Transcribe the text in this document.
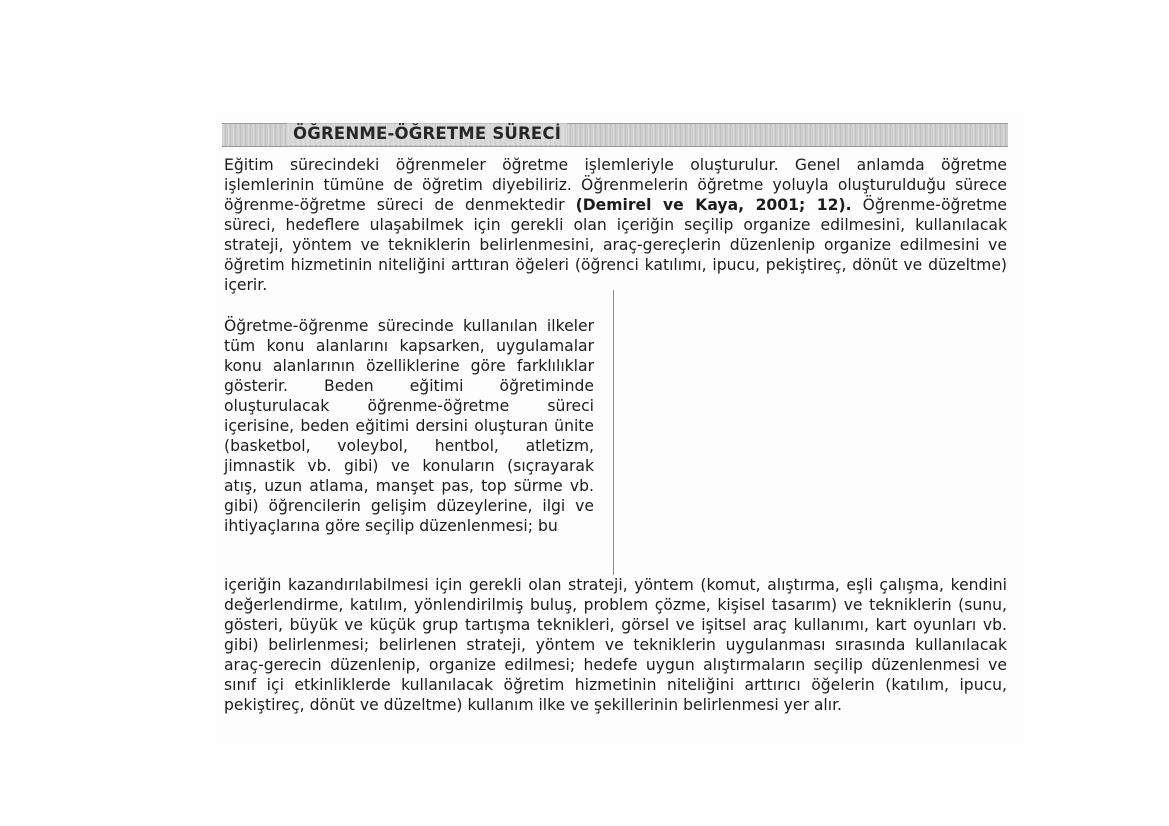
ÖĞRENME-ÖĞRETME SÜRECİ

Eğitim sürecindeki öğrenmeler öğretme işlemleriyle oluşturulur. Genel anlamda öğretme işlemlerinin tümüne de öğretim diyebiliriz. Öğrenmelerin öğretme yoluyla oluşturulduğu sürece öğrenme-öğretme süreci de denmektedir (Demirel ve Kaya, 2001; 12). Öğrenme-öğretme süreci, hedeflere ulaşabilmek için gerekli olan içeriğin seçilip organize edilmesini, kullanılacak strateji, yöntem ve tekniklerin belirlenmesini, araç-gereçlerin düzenlenip organize edilmesini ve öğretim hizmetinin niteliğini arttıran öğeleri (öğrenci katılımı, ipucu, pekiştireç, dönüt ve düzeltme) içerir.

Öğretme-öğrenme sürecinde kullanılan ilkeler tüm konu alanlarını kapsarken, uygulamalar konu alanlarının özelliklerine göre farklılıklar gösterir. Beden eğitimi öğretiminde oluşturulacak öğrenme-öğretme süreci içerisine, beden eğitimi dersini oluşturan ünite (basketbol, voleybol, hentbol, atletizm, jimnastik vb. gibi) ve konuların (sıçrayarak atış, uzun atlama, manşet pas, top sürme vb. gibi) öğrencilerin gelişim düzeylerine, ilgi ve ihtiyaçlarına göre seçilip düzenlenmesi; bu

içeriğin kazandırılabilmesi için gerekli olan strateji, yöntem (komut, alıştırma, eşli çalışma, kendini değerlendirme, katılım, yönlendirilmiş buluş, problem çözme, kişisel tasarım) ve tekniklerin (sunu, gösteri, büyük ve küçük grup tartışma teknikleri, görsel ve işitsel araç kullanımı, kart oyunları vb. gibi) belirlenmesi; belirlenen strateji, yöntem ve tekniklerin uygulanması sırasında kullanılacak araç-gerecin düzenlenip, organize edilmesi; hedefe uygun alıştırmaların seçilip düzenlenmesi ve sınıf içi etkinliklerde kullanılacak öğretim hizmetinin niteliğini arttırıcı öğelerin (katılım, ipucu, pekiştireç, dönüt ve düzeltme) kullanım ilke ve şekillerinin belirlenmesi yer alır.
